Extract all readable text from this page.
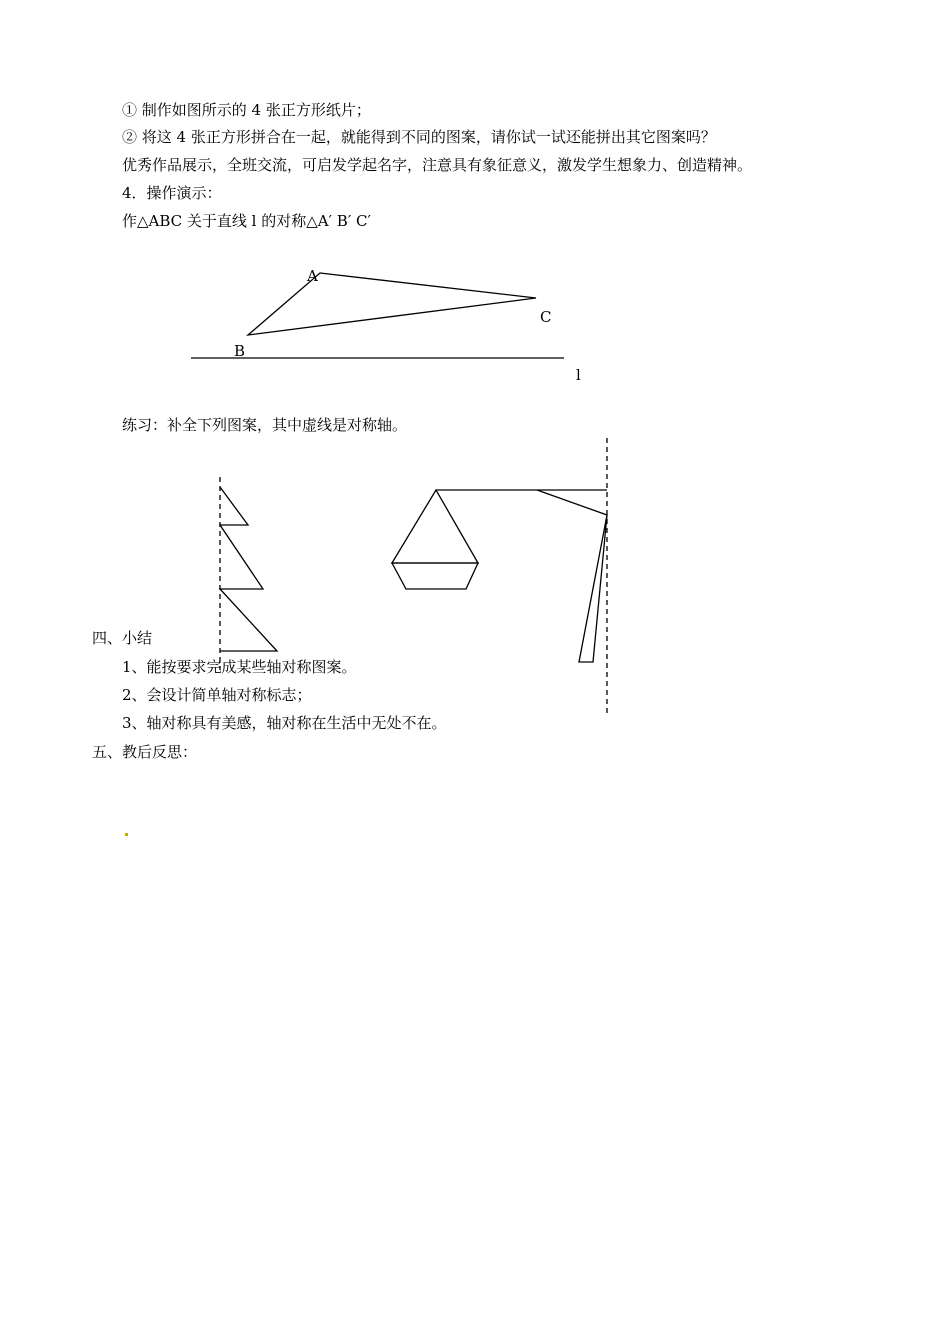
① 制作如图所示的 4 张正方形纸片；
② 将这 4 张正方形拼合在一起，就能得到不同的图案，请你试一试还能拼出其它图案吗？
优秀作品展示，全班交流，可启发学起名字，注意具有象征意义，激发学生想象力、创造精神。
4．操作演示：
作△ABC 关于直线 l 的对称△A′ B′ C′
A
C
B
l
练习：补全下列图案，其中虚线是对称轴。
四、小结
1、能按要求完成某些轴对称图案。
2、会设计简单轴对称标志；
3、轴对称具有美感，轴对称在生活中无处不在。
五、教后反思：
